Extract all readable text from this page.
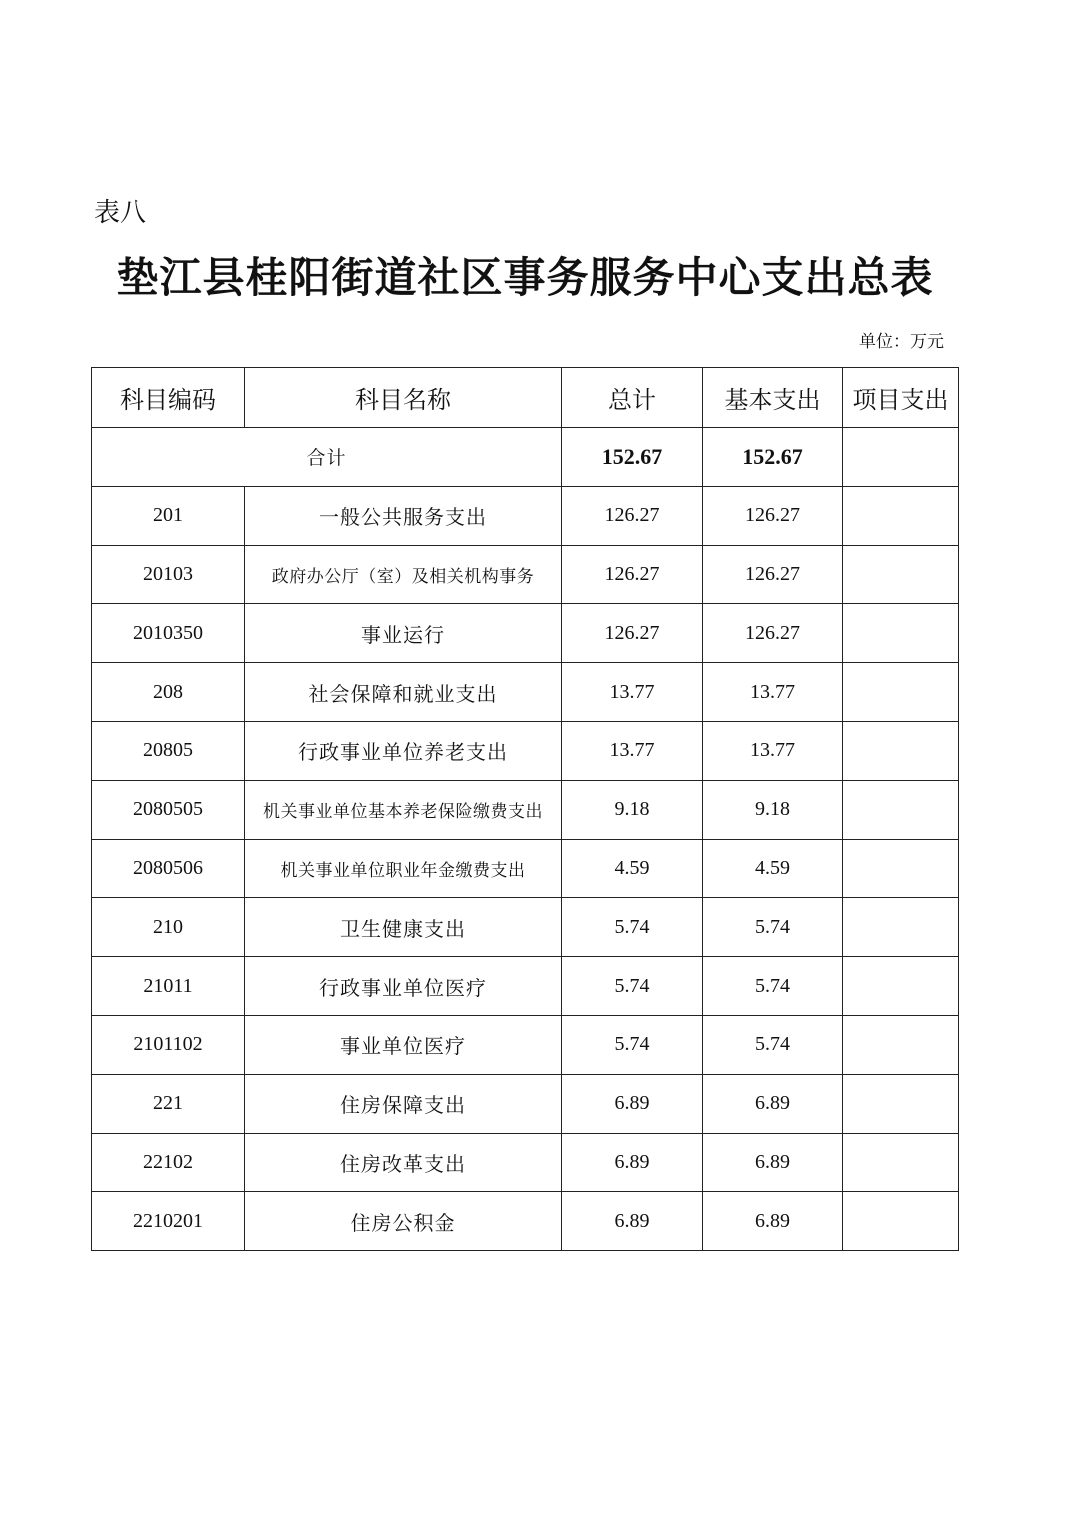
表八
垫江县桂阳街道社区事务服务中心支出总表
单位：万元
科目编码	科目名称	总计	基本支出	项目支出
合计		152.67	152.67	
201	一般公共服务支出	126.27	126.27	
20103	政府办公厅（室）及相关机构事务	126.27	126.27	
2010350	事业运行	126.27	126.27	
208	社会保障和就业支出	13.77	13.77	
20805	行政事业单位养老支出	13.77	13.77	
2080505	机关事业单位基本养老保险缴费支出	9.18	9.18	
2080506	机关事业单位职业年金缴费支出	4.59	4.59	
210	卫生健康支出	5.74	5.74	
21011	行政事业单位医疗	5.74	5.74	
2101102	事业单位医疗	5.74	5.74	
221	住房保障支出	6.89	6.89	
22102	住房改革支出	6.89	6.89	
2210201	住房公积金	6.89	6.89	
